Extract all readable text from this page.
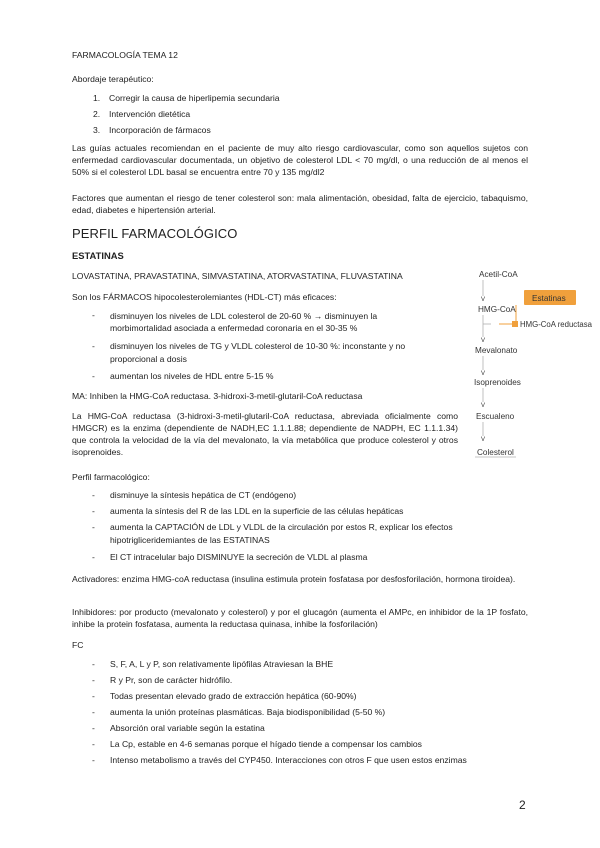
FARMACOLOGÍA TEMA 12
Abordaje terapéutico:
1. Corregir la causa de hiperlipemia secundaria
2. Intervención dietética
3. Incorporación de fármacos
Las guías actuales recomiendan en el paciente de muy alto riesgo cardiovascular, como son aquellos sujetos con enfermedad cardiovascular documentada, un objetivo de colesterol LDL < 70 mg/dl, o una reducción de al menos el 50% si el colesterol LDL basal se encuentra entre 70 y 135 mg/dl2
Factores que aumentan el riesgo de tener colesterol son: mala alimentación, obesidad, falta de ejercicio, tabaquismo, edad, diabetes e hipertensión arterial.
PERFIL FARMACOLÓGICO
ESTATINAS
LOVASTATINA, PRAVASTATINA, SIMVASTATINA, ATORVASTATINA, FLUVASTATINA
Son los FÁRMACOS hipocolesterolemiantes (HDL-CT) más eficaces:
- disminuyen los niveles de LDL colesterol de 20-60 % → disminuyen la
morbimortalidad asociada a enfermedad coronaria en el 30-35 %
- disminuyen los niveles de TG y VLDL colesterol de 10-30 %: inconstante y no
proporcional a dosis
- aumentan los niveles de HDL entre 5-15 %
MA: Inhiben la HMG-CoA reductasa. 3-hidroxi-3-metil-glutaril-CoA reductasa
La HMG-CoA reductasa (3-hidroxi-3-metil-glutaril-CoA reductasa, abreviada oficialmente como HMGCR) es la enzima (dependiente de NADH,EC 1.1.1.88; dependiente de NADPH, EC 1.1.1.34) que controla la velocidad de la vía del mevalonato, la vía metabólica que produce colesterol y otros isoprenoides.
Acetil-CoA
V
HMG-CoA
V
Mevalonato
V
Isoprenoides
V
Escualeno
V
Colesterol
Estatinas
HMG-CoA reductasa
Perfil farmacológico:
- disminuye la síntesis hepática de CT (endógeno)
- aumenta la síntesis del R de las LDL en la superficie de las células hepáticas
- aumenta la CAPTACIÓN de LDL y VLDL de la circulación por estos R, explicar los efectos
hipotrigliceridemiantes de las ESTATINAS
- El CT intracelular bajo DISMINUYE la secreción de VLDL al plasma
Activadores: enzima HMG-coA reductasa (insulina estimula protein fosfatasa por desfosforilación, hormona tiroidea).
Inhibidores: por producto (mevalonato y colesterol) y por el glucagón (aumenta el AMPc, en inhibidor de la 1P fosfato, inhibe la protein fosfatasa, aumenta la reductasa quinasa, inhibe la fosforilación)
FC
- S, F, A, L y P, son relativamente lipófilas Atraviesan la BHE
- R y Pr, son de carácter hidrófilo.
- Todas presentan elevado grado de extracción hepática (60-90%)
- aumenta la unión proteínas plasmáticas. Baja biodisponibilidad (5-50 %)
- Absorción oral variable según la estatina
- La Cp, estable en 4-6 semanas porque el hígado tiende a compensar los cambios
- Intenso metabolismo a través del CYP450. Interacciones con otros F que usen estos enzimas
2
